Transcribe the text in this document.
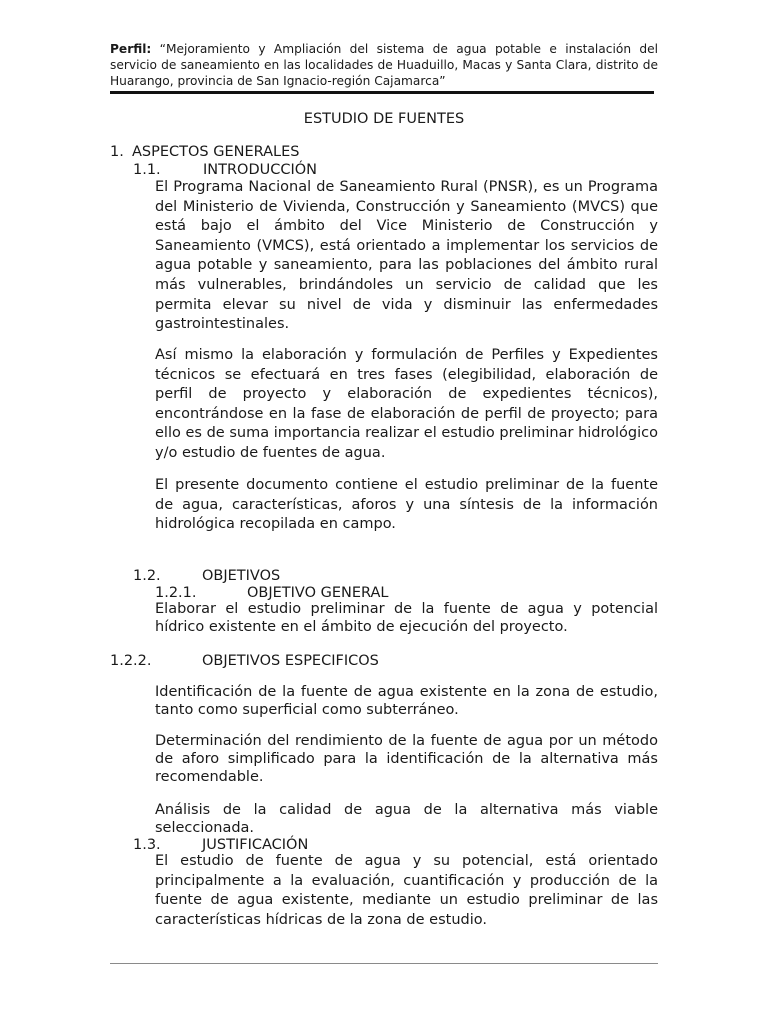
Perfil: “Mejoramiento y Ampliación del sistema de agua potable e instalación del servicio de saneamiento en las localidades de Huaduillo, Macas y Santa Clara, distrito de Huarango, provincia de San Ignacio-región Cajamarca”
ESTUDIO DE FUENTES
1. ASPECTOS GENERALES
1.1.	INTRODUCCIÓN
El Programa Nacional de Saneamiento Rural (PNSR), es un Programa del Ministerio de Vivienda, Construcción y Saneamiento (MVCS) que está bajo el ámbito del Vice Ministerio de Construcción y Saneamiento (VMCS), está orientado a implementar los servicios de agua potable y saneamiento, para las poblaciones del ámbito rural más vulnerables, brindándoles un servicio de calidad que les permita elevar su nivel de vida y disminuir las enfermedades gastrointestinales.
Así mismo la elaboración y formulación de Perfiles y Expedientes técnicos se efectuará en tres fases (elegibilidad, elaboración de perfil de proyecto y elaboración de expedientes técnicos), encontrándose en la fase de elaboración de perfil de proyecto; para ello es de suma importancia realizar el estudio preliminar hidrológico y/o estudio de fuentes de agua.
El presente documento contiene el estudio preliminar de la fuente de agua, características, aforos y una síntesis de la información hidrológica recopilada en campo.
1.2.	OBJETIVOS
1.2.1.	OBJETIVO GENERAL
Elaborar el estudio preliminar de la fuente de agua y potencial hídrico existente en el ámbito de ejecución del proyecto.
1.2.2.	OBJETIVOS ESPECIFICOS
Identificación de la fuente de agua existente en la zona de estudio, tanto como superficial como subterráneo.
Determinación del rendimiento de la fuente de agua por un método de aforo simplificado para la identificación de la alternativa más recomendable.
Análisis de la calidad de agua de la alternativa más viable seleccionada.
1.3.	JUSTIFICACIÓN
El estudio de fuente de agua y su potencial, está orientado principalmente a la evaluación, cuantificación y producción de la fuente de agua existente, mediante un estudio preliminar de las características hídricas de la zona de estudio.
